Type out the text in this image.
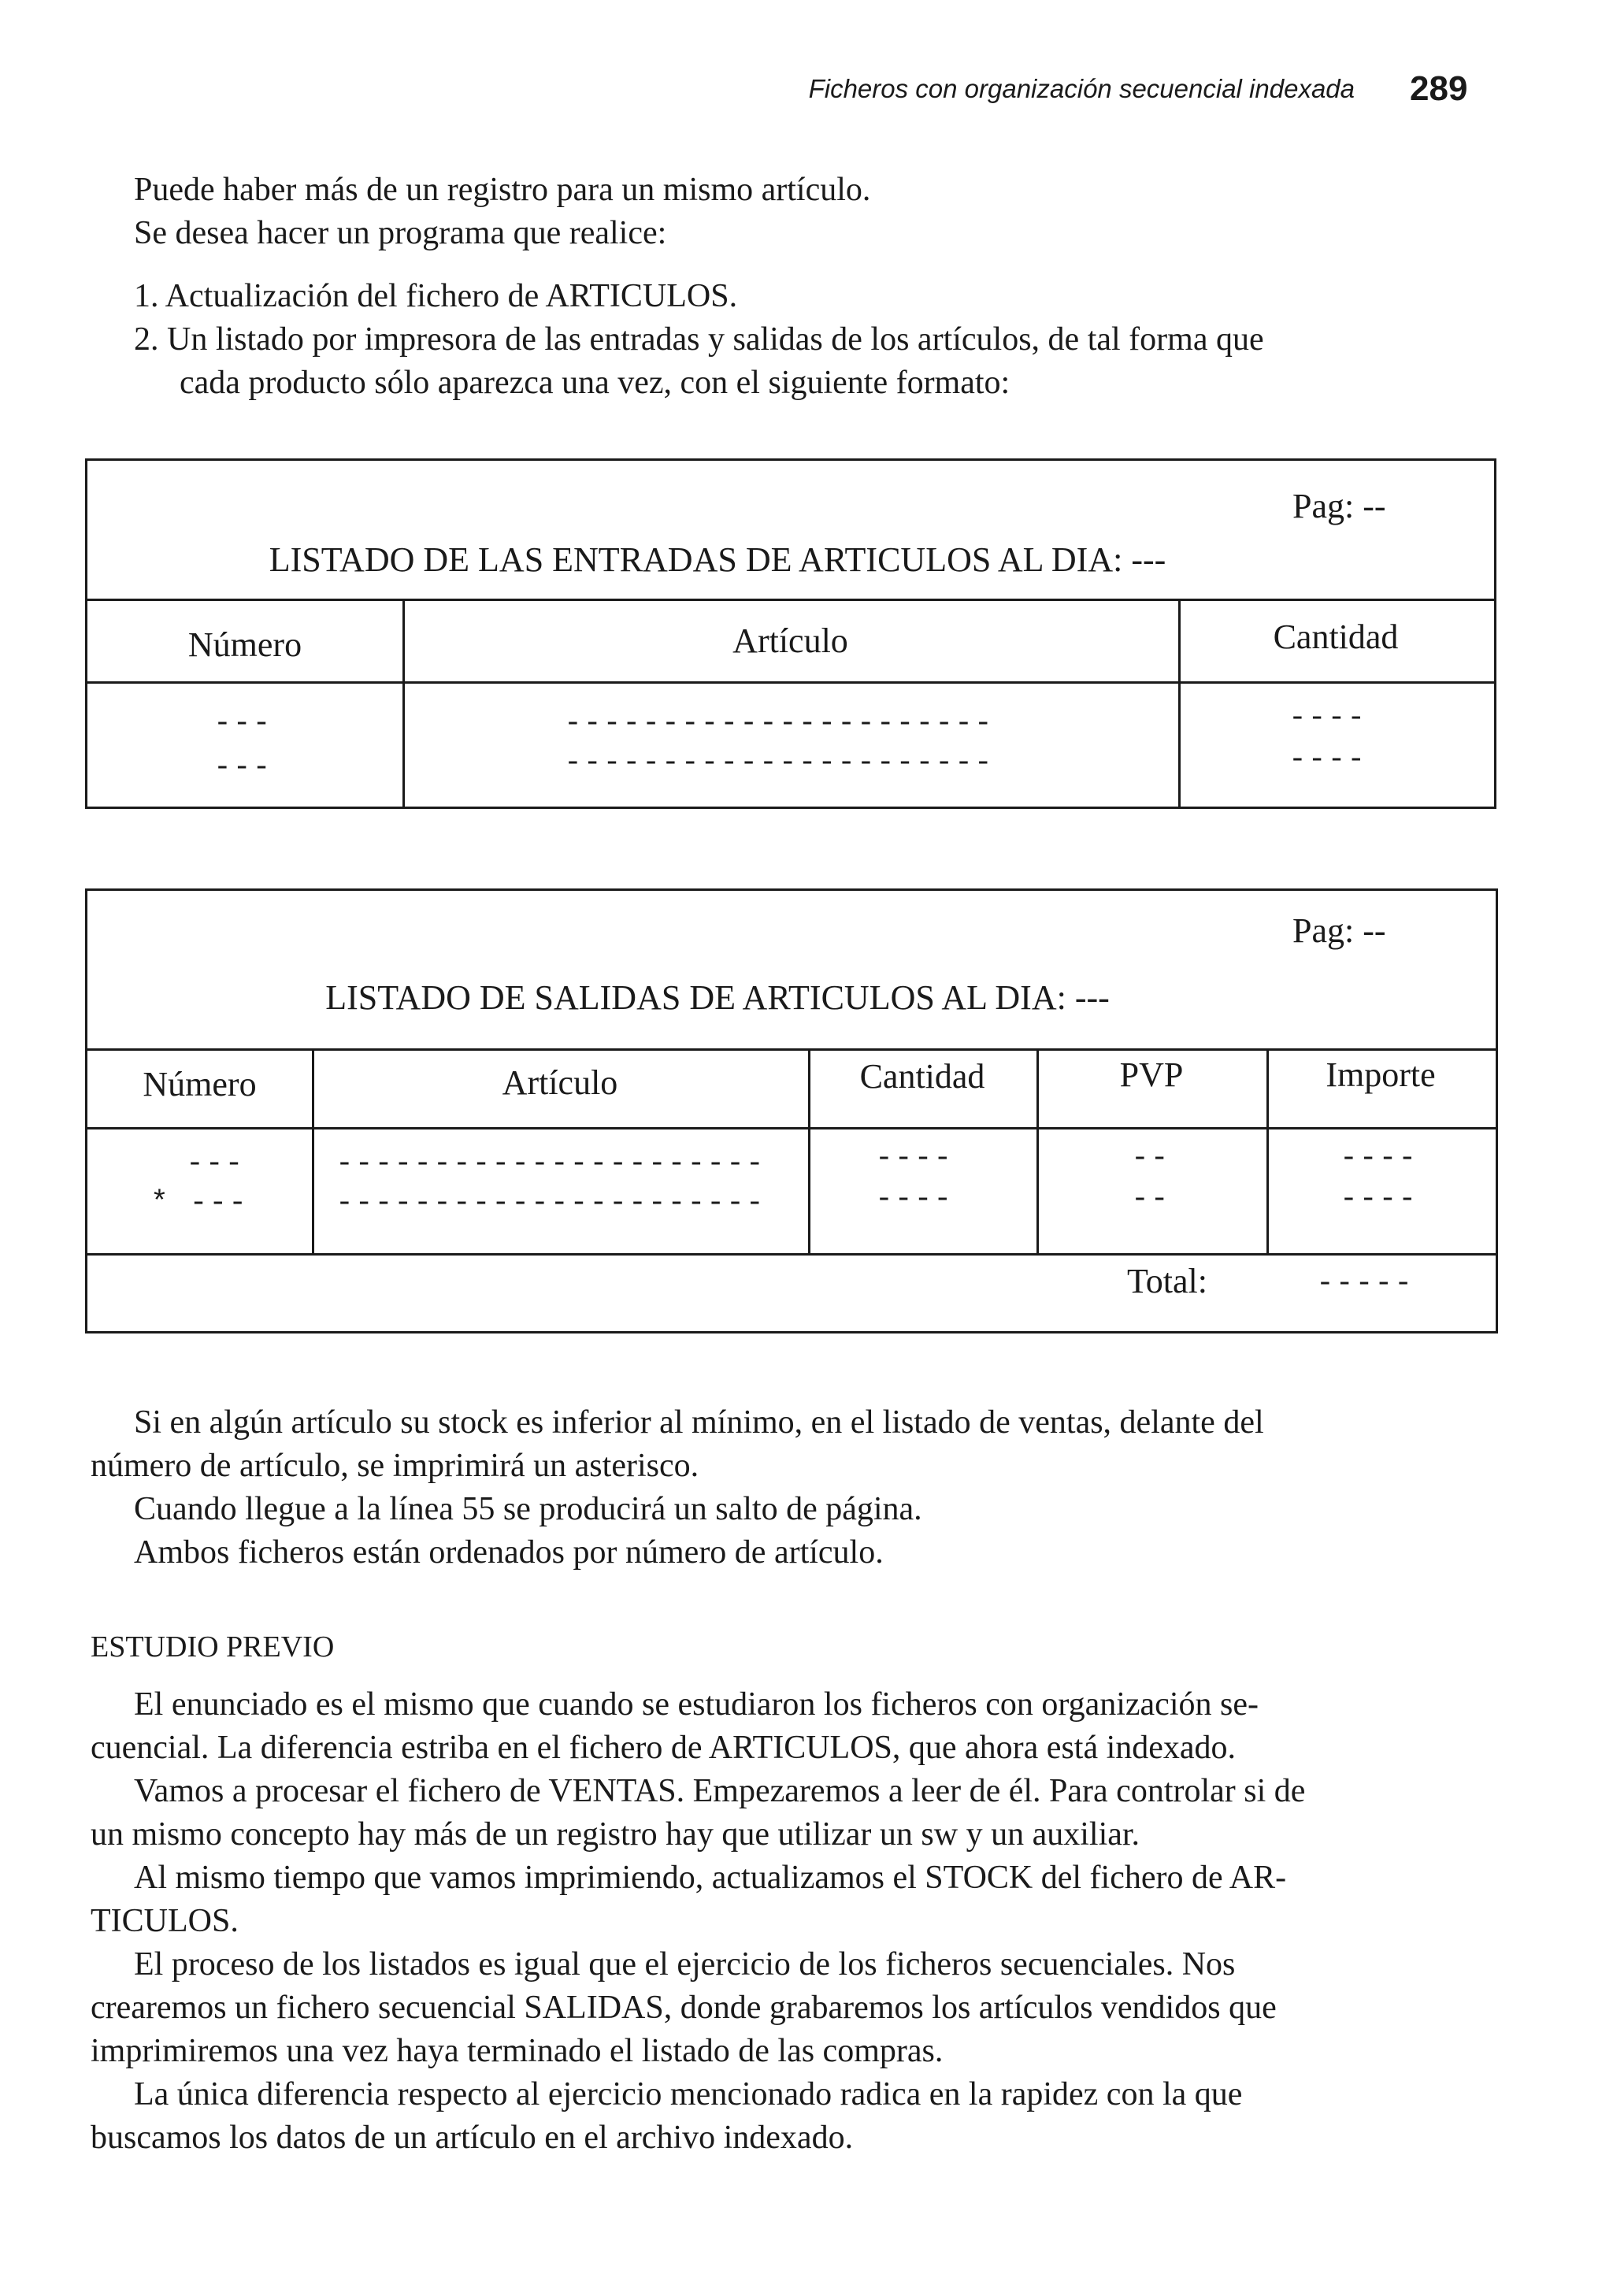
Ficheros con organización secuencial indexada 289
Puede haber más de un registro para un mismo artículo.
Se desea hacer un programa que realice:
1. Actualización del fichero de ARTICULOS.
2. Un listado por impresora de las entradas y salidas de los artículos, de tal forma que
cada producto sólo aparezca una vez, con el siguiente formato:
Pag: --
LISTADO DE LAS ENTRADAS DE ARTICULOS AL DIA: ---
Número	Artículo	Cantidad
---	----------------------	----
---	----------------------	----
Pag: --
LISTADO DE SALIDAS DE ARTICULOS AL DIA: ---
Número	Artículo	Cantidad	PVP	Importe
---	----------------------	----	--	----
* ---	----------------------	----	--	----
Total:	-----
Si en algún artículo su stock es inferior al mínimo, en el listado de ventas, delante del
número de artículo, se imprimirá un asterisco.
Cuando llegue a la línea 55 se producirá un salto de página.
Ambos ficheros están ordenados por número de artículo.
ESTUDIO PREVIO
El enunciado es el mismo que cuando se estudiaron los ficheros con organización se-
cuencial. La diferencia estriba en el fichero de ARTICULOS, que ahora está indexado.
Vamos a procesar el fichero de VENTAS. Empezaremos a leer de él. Para controlar si de
un mismo concepto hay más de un registro hay que utilizar un sw y un auxiliar.
Al mismo tiempo que vamos imprimiendo, actualizamos el STOCK del fichero de AR-
TICULOS.
El proceso de los listados es igual que el ejercicio de los ficheros secuenciales. Nos
crearemos un fichero secuencial SALIDAS, donde grabaremos los artículos vendidos que
imprimiremos una vez haya terminado el listado de las compras.
La única diferencia respecto al ejercicio mencionado radica en la rapidez con la que
buscamos los datos de un artículo en el archivo indexado.
